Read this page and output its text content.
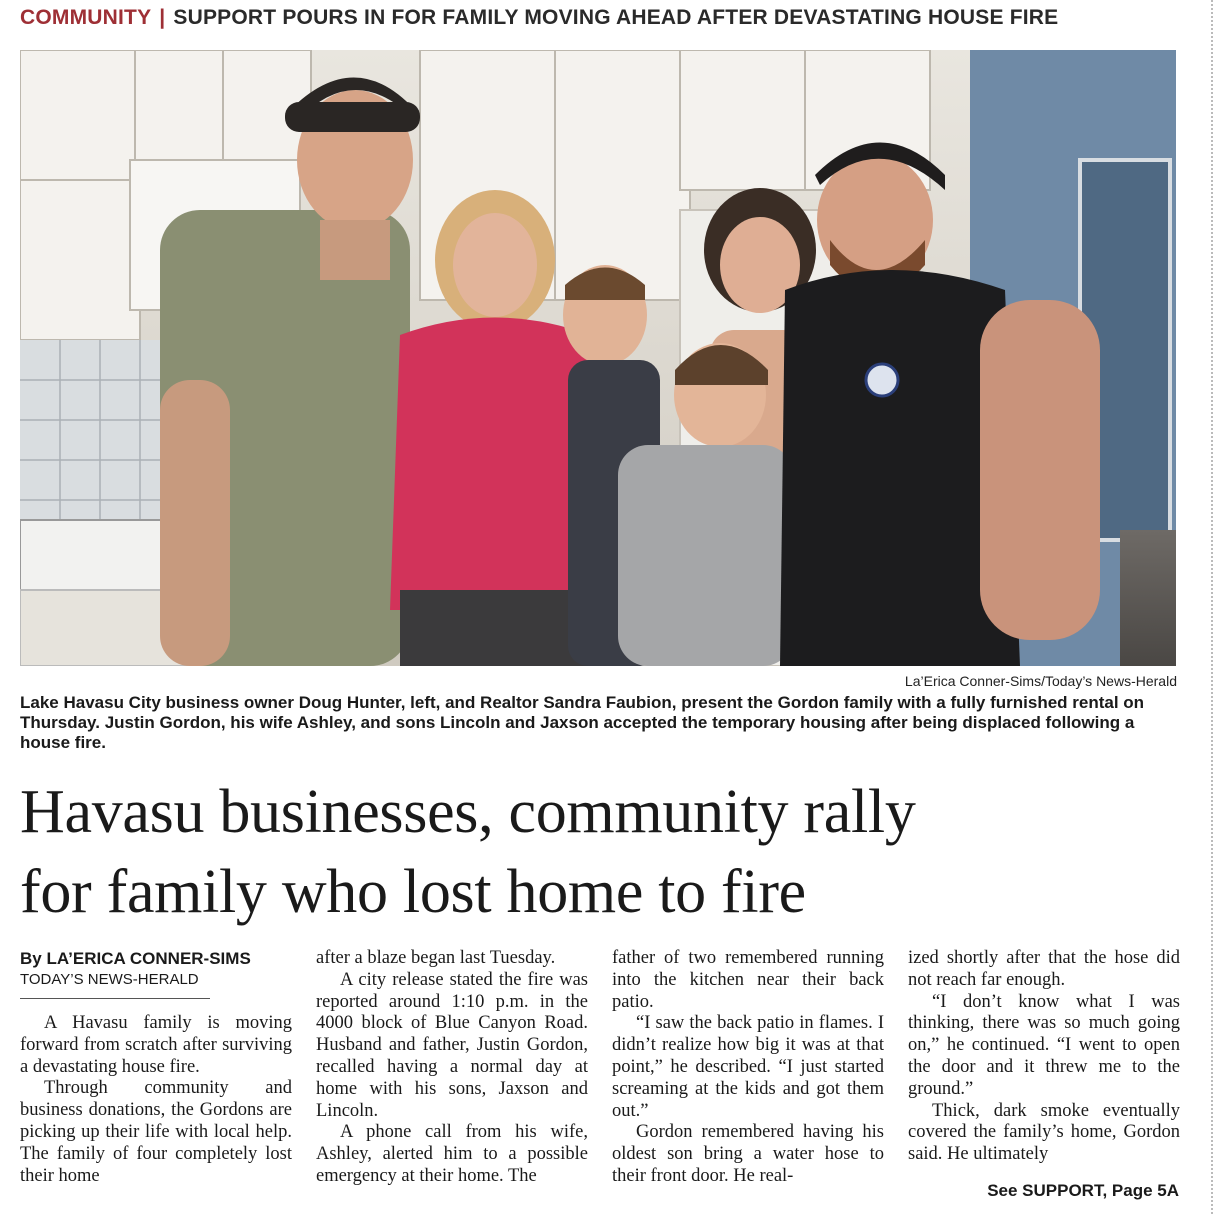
COMMUNITY | SUPPORT POURS IN FOR FAMILY MOVING AHEAD AFTER DEVASTATING HOUSE FIRE
La’Erica Conner-Sims/Today’s News-Herald
Lake Havasu City business owner Doug Hunter, left, and Realtor Sandra Faubion, present the Gordon family with a fully furnished rental on Thursday. Justin Gordon, his wife Ashley, and sons Lincoln and Jaxson accepted the temporary housing after being displaced following a house fire.
Havasu businesses, community rally
for family who lost home to fire
By LA’ERICA CONNER-SIMS
TODAY’S NEWS-HERALD

A Havasu family is moving forward from scratch after surviving a devastating house fire.

Through community and business donations, the Gordons are picking up their life with local help. The family of four completely lost their home

after a blaze began last Tuesday.

A city release stated the fire was reported around 1:10 p.m. in the 4000 block of Blue Canyon Road. Husband and father, Justin Gordon, recalled having a normal day at home with his sons, Jaxson and Lincoln.

A phone call from his wife, Ashley, alerted him to a possible emergency at their home. The

father of two remembered running into the kitchen near their back patio.

“I saw the back patio in flames. I didn’t realize how big it was at that point,” he described. “I just started screaming at the kids and got them out.”

Gordon remembered having his oldest son bring a water hose to their front door. He real-

ized shortly after that the hose did not reach far enough.

“I don’t know what I was thinking, there was so much going on,” he continued. “I went to open the door and it threw me to the ground.”

Thick, dark smoke eventually covered the family’s home, Gordon said. He ultimately

See SUPPORT, Page 5A
